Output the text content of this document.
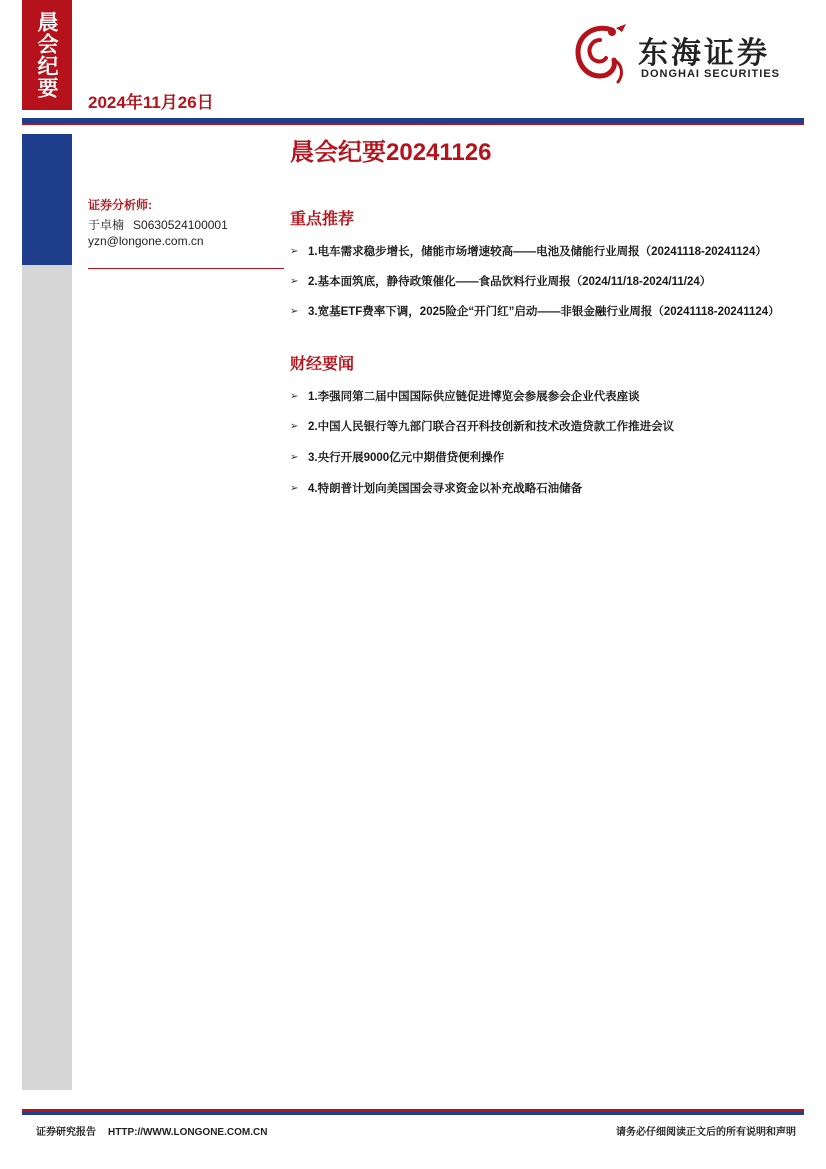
晨会纪要
2024年11月26日
东海证券
DONGHAI SECURITIES
证券分析师:
于卓楠 S0630524100001
yzn@longone.com.cn
晨会纪要20241126
重点推荐
➢ 1.电车需求稳步增长，储能市场增速较高——电池及储能行业周报（20241118-20241124）
➢ 2.基本面筑底，静待政策催化——食品饮料行业周报（2024/11/18-2024/11/24）
➢ 3.宽基ETF费率下调，2025险企“开门红”启动——非银金融行业周报（20241118-20241124）
财经要闻
➢ 1.李强同第二届中国国际供应链促进博览会参展参会企业代表座谈
➢ 2.中国人民银行等九部门联合召开科技创新和技术改造贷款工作推进会议
➢ 3.央行开展9000亿元中期借贷便利操作
➢ 4.特朗普计划向美国国会寻求资金以补充战略石油储备
证券研究报告 HTTP://WWW.LONGONE.COM.CN	请务必仔细阅读正文后的所有说明和声明
